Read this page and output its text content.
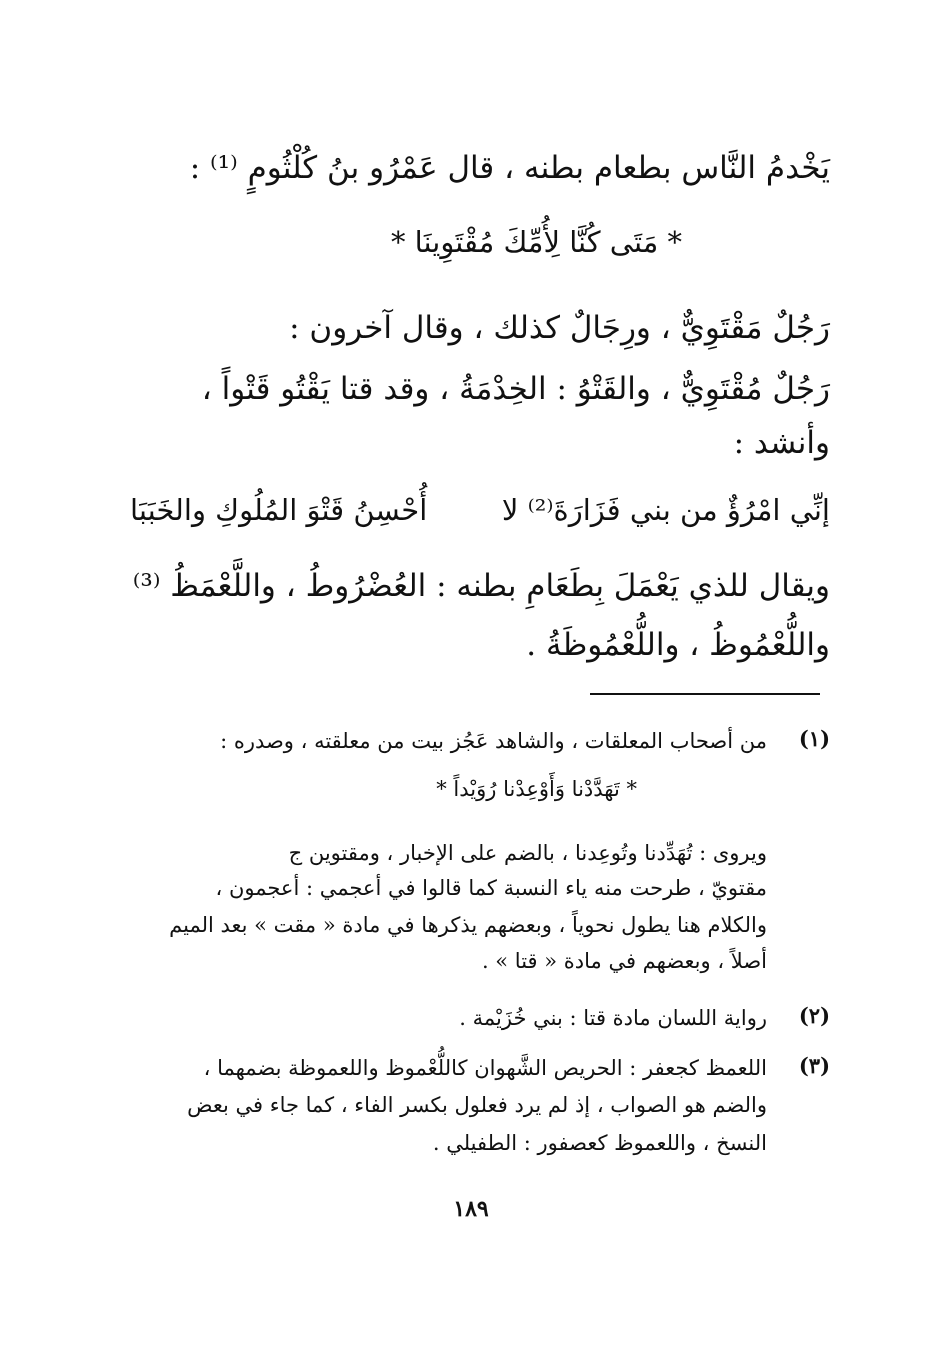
يَخْدمُ النَّاس بطعام بطنه ، قال عَمْرُو بنُ كُلْثُومٍ ⁽¹⁾ :
* مَتَى كُنَّا لِأُمِّكَ مُقْتَوِينَا *
رَجُلٌ مَقْتَوِيٌّ ، ورِجَالٌ كذلك ، وقال آخرون :
رَجُلٌ مُقْتَوِيٌّ ، والقَتْوُ : الخِدْمَةُ ، وقد قتا يَقْتُو قَتْواً ،
وأنشد :
إنِّي امْرُؤٌ من بني فَزَارَةَ⁽²⁾ لا
أُحْسِنُ قَتْوَ المُلُوكِ والخَبَبَا
ويقال للذي يَعْمَلَ بِطَعَامِ بطنه : العُضْرُوطُ ، واللَّعْمَظُ ⁽³⁾
واللُّعْمُوظُ ، واللُّعْمُوظَةُ .
(١)
من أصحاب المعلقات ، والشاهد عَجُز بيت من معلقته ، وصدره :
* تَهَدَّدْنا وَأَوْعِدْنا رُوَيْداً *
ويروى : تُهَدِّدنا وتُوعِدنا ، بالضم على الإخبار ، ومقتوين ج
مقتويّ ، طرحت منه ياء النسبة كما قالوا في أعجمي : أعجمون ،
والكلام هنا يطول نحوياً ، وبعضهم يذكرها في مادة « مقت » بعد الميم
أصلاً ، وبعضهم في مادة « قتا » .
(٢)
رواية اللسان مادة قتا : بني خُزَيْمة .
(٣)
اللعمظ كجعفر : الحريص الشَّهوان كاللُّعْموظ واللعموظة بضمهما ،
والضم هو الصواب ، إذ لم يرد فعلول بكسر الفاء ، كما جاء في بعض
النسخ ، واللعموظ كعصفور : الطفيلي .
١٨٩
